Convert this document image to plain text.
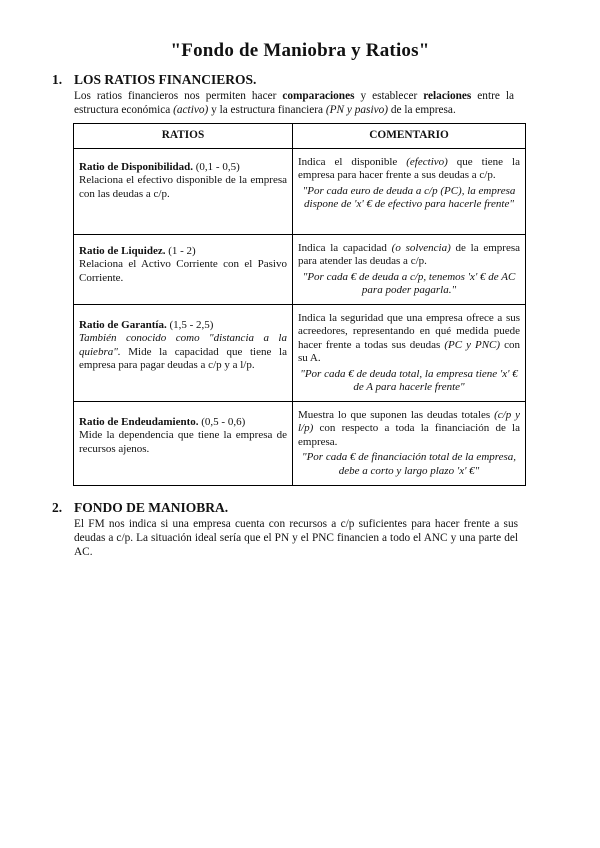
"Fondo de Maniobra y Ratios"
1. LOS RATIOS FINANCIEROS.
Los ratios financieros nos permiten hacer comparaciones y establecer relaciones entre la estructura económica (activo) y la estructura financiera (PN y pasivo) de la empresa.
RATIOS	COMENTARIO
Ratio de Disponibilidad. (0,1 - 0,5)
Relaciona el efectivo disponible de la empresa con las deudas a c/p.	Indica el disponible (efectivo) que tiene la empresa para hacer frente a sus deudas a c/p.
"Por cada euro de deuda a c/p (PC), la empresa dispone de 'x' € de efectivo para hacerle frente"

Ratio de Liquidez. (1 - 2)
Relaciona el Activo Corriente con el Pasivo Corriente.	Indica la capacidad (o solvencia) de la empresa para atender las deudas a c/p.
"Por cada € de deuda a c/p, tenemos 'x' € de AC para poder pagarla."

Ratio de Garantía. (1,5 - 2,5)
También conocido como "distancia a la quiebra". Mide la capacidad que tiene la empresa para pagar deudas a c/p y a l/p.	Indica la seguridad que una empresa ofrece a sus acreedores, representando en qué medida puede hacer frente a todas sus deudas (PC y PNC) con su A.
"Por cada € de deuda total, la empresa tiene 'x' € de A para hacerle frente"

Ratio de Endeudamiento. (0,5 - 0,6)
Mide la dependencia que tiene la empresa de recursos ajenos.	Muestra lo que suponen las deudas totales (c/p y l/p) con respecto a toda la financiación de la empresa.
"Por cada € de financiación total de la empresa, debe a corto y largo plazo 'x' €"
2. FONDO DE MANIOBRA.
El FM nos indica si una empresa cuenta con recursos a c/p suficientes para hacer frente a sus deudas a c/p. La situación ideal sería que el PN y el PNC financien a todo el ANC y una parte del AC.
